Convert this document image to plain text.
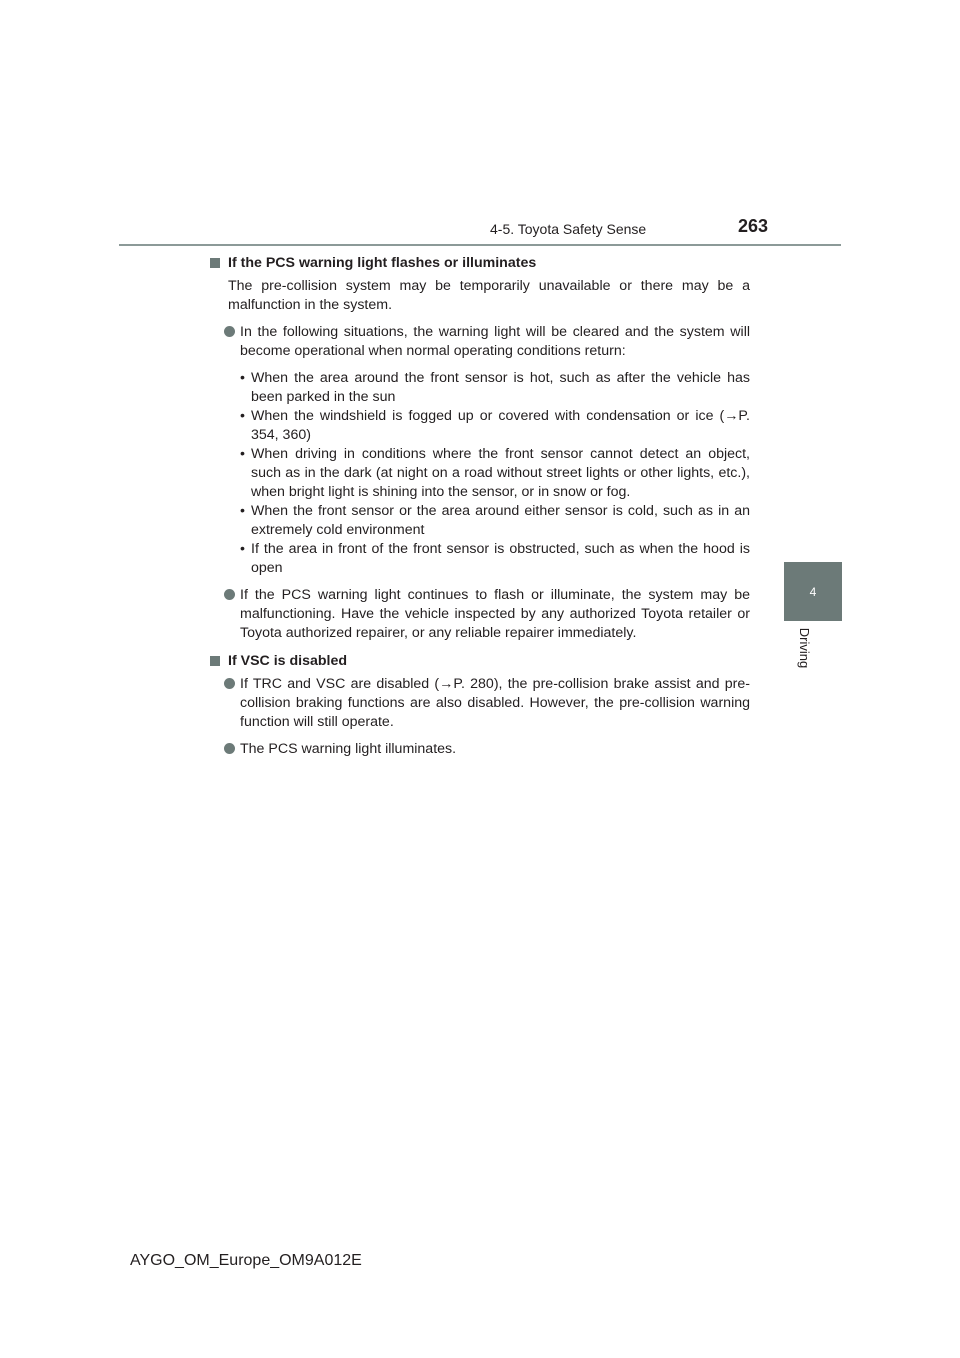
4-5. Toyota Safety Sense	263
4
Driving

If the PCS warning light flashes or illuminates

The pre-collision system may be temporarily unavailable or there may be a malfunction in the system.

In the following situations, the warning light will be cleared and the system will become operational when normal operating conditions return:
• When the area around the front sensor is hot, such as after the vehicle has been parked in the sun
• When the windshield is fogged up or covered with condensation or ice (→P. 354, 360)
• When driving in conditions where the front sensor cannot detect an object, such as in the dark (at night on a road without street lights or other lights, etc.), when bright light is shining into the sensor, or in snow or fog.
• When the front sensor or the area around either sensor is cold, such as in an extremely cold environment
• If the area in front of the front sensor is obstructed, such as when the hood is open
If the PCS warning light continues to flash or illuminate, the system may be malfunctioning. Have the vehicle inspected by any authorized Toyota retailer or Toyota authorized repairer, or any reliable repairer immediately.

If VSC is disabled

If TRC and VSC are disabled (→P. 280), the pre-collision brake assist and pre-collision braking functions are also disabled. However, the pre-collision warning function will still operate.
The PCS warning light illuminates.
AYGO_OM_Europe_OM9A012E
